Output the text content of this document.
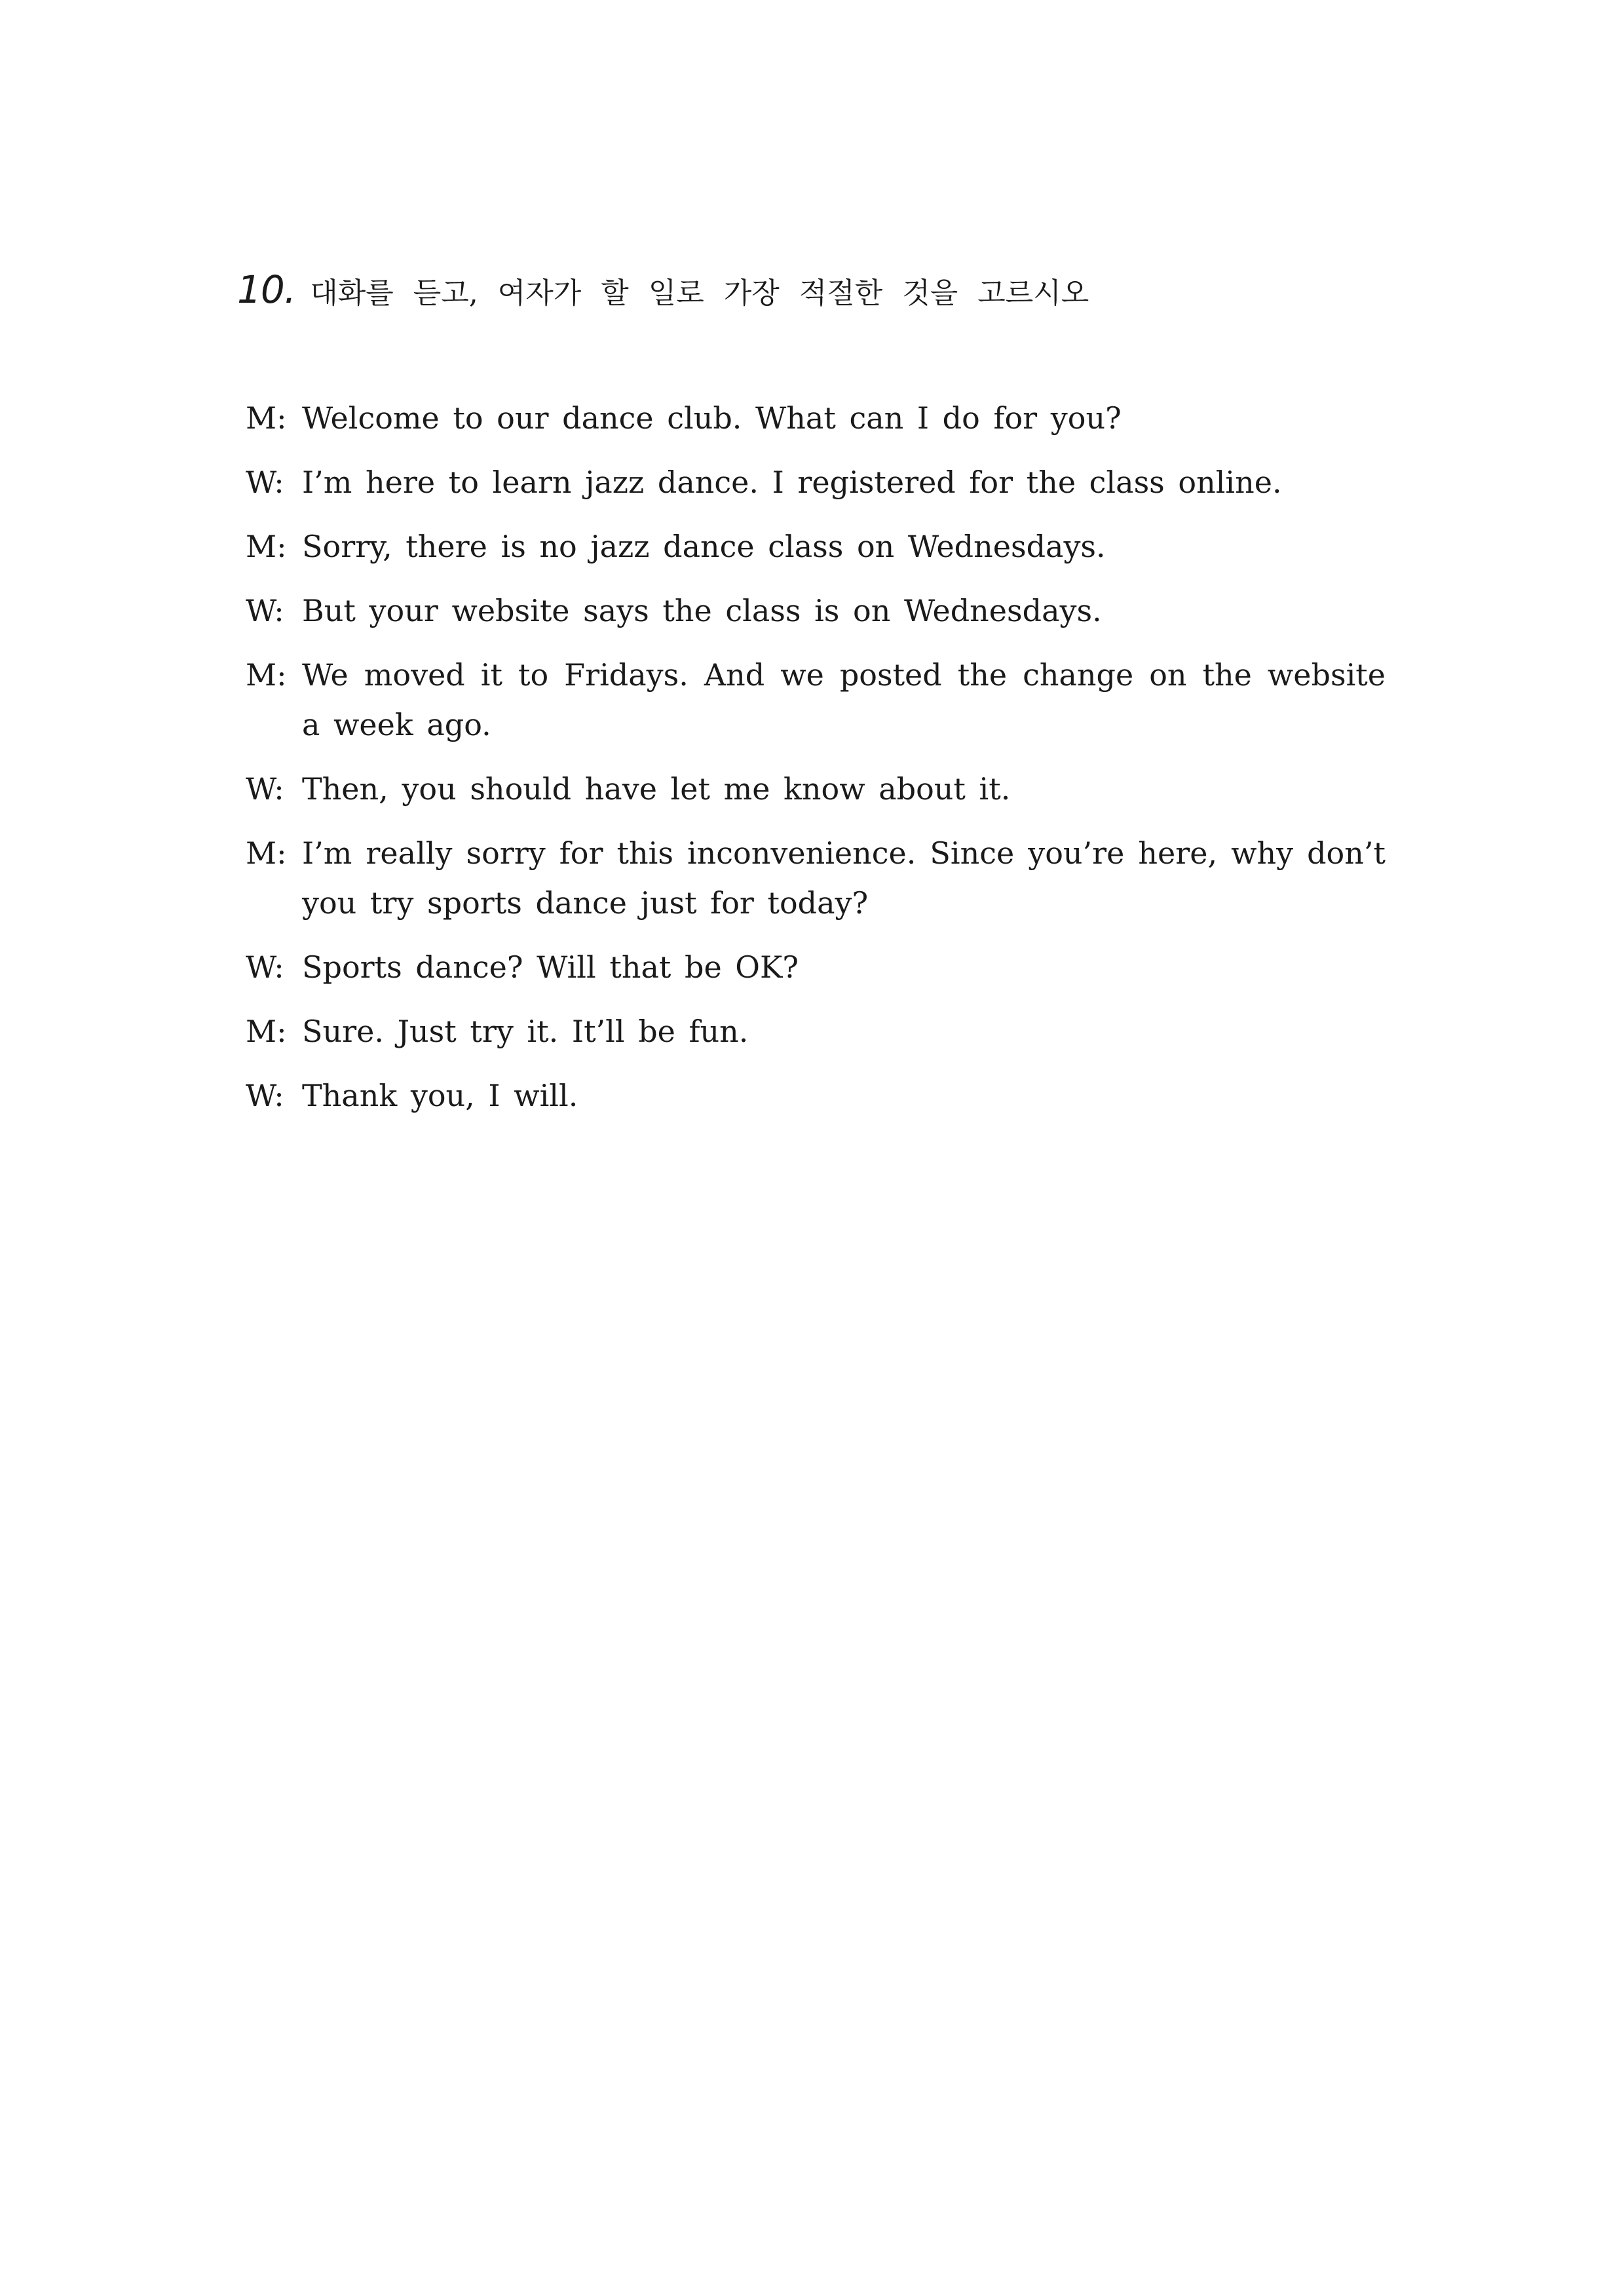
10. 대화를 듣고, 여자가 할 일로 가장 적절한 것을 고르시오
M: Welcome to our dance club. What can I do for you?
W: I’m here to learn jazz dance. I registered for the class online.
M: Sorry, there is no jazz dance class on Wednesdays.
W: But your website says the class is on Wednesdays.
M: We moved it to Fridays. And we posted the change on the website a week ago.
W: Then, you should have let me know about it.
M: I’m really sorry for this inconvenience. Since you’re here, why don’t you try sports dance just for today?
W: Sports dance? Will that be OK?
M: Sure. Just try it. It’ll be fun.
W: Thank you, I will.
